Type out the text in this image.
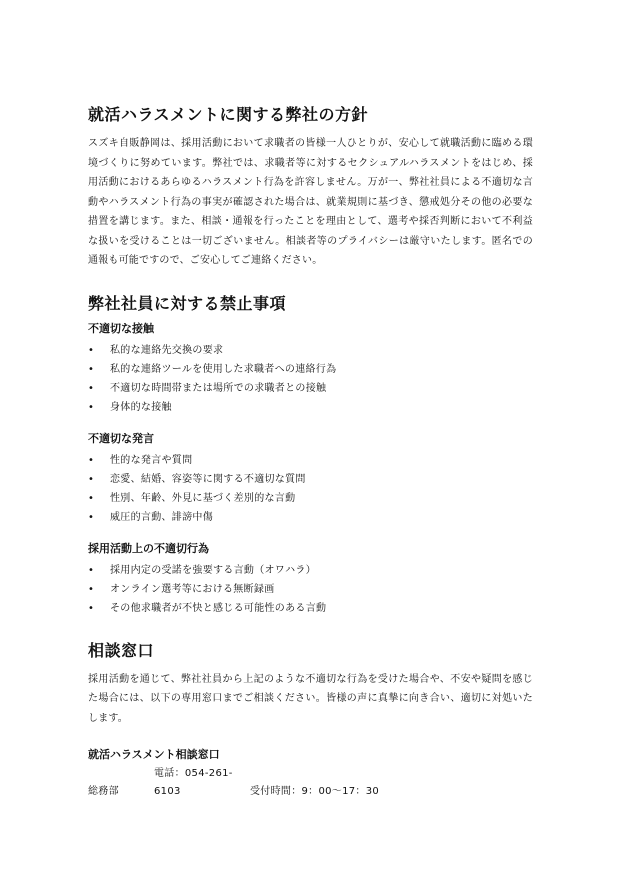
就活ハラスメントに関する弊社の方針

スズキ自販静岡は、採用活動において求職者の皆様一人ひとりが、安心して就職活動に臨める環境づくりに努めています。弊社では、求職者等に対するセクシュアルハラスメントをはじめ、採用活動におけるあらゆるハラスメント行為を許容しません。万が一、弊社社員による不適切な言動やハラスメント行為の事実が確認された場合は、就業規則に基づき、懲戒処分その他の必要な措置を講じます。また、相談・通報を行ったことを理由として、選考や採否判断において不利益な扱いを受けることは一切ございません。相談者等のプライバシーは厳守いたします。匿名での通報も可能ですので、ご安心してご連絡ください。

弊社社員に対する禁止事項
不適切な接触
• 私的な連絡先交換の要求
• 私的な連絡ツールを使用した求職者への連絡行為
• 不適切な時間帯または場所での求職者との接触
• 身体的な接触
不適切な発言
• 性的な発言や質問
• 恋愛、結婚、容姿等に関する不適切な質問
• 性別、年齢、外見に基づく差別的な言動
• 威圧的言動、誹謗中傷
採用活動上の不適切行為
• 採用内定の受諾を強要する言動（オワハラ）
• オンライン選考等における無断録画
• その他求職者が不快と感じる可能性のある言動
相談窓口

採用活動を通じて、弊社社員から上記のような不適切な行為を受けた場合や、不安や疑問を感じた場合には、以下の専用窓口までご相談ください。皆様の声に真摯に向き合い、適切に対処いたします。

就活ハラスメント相談窓口
総務部電話：054-261-6103	受付時間：9：00～17：30
